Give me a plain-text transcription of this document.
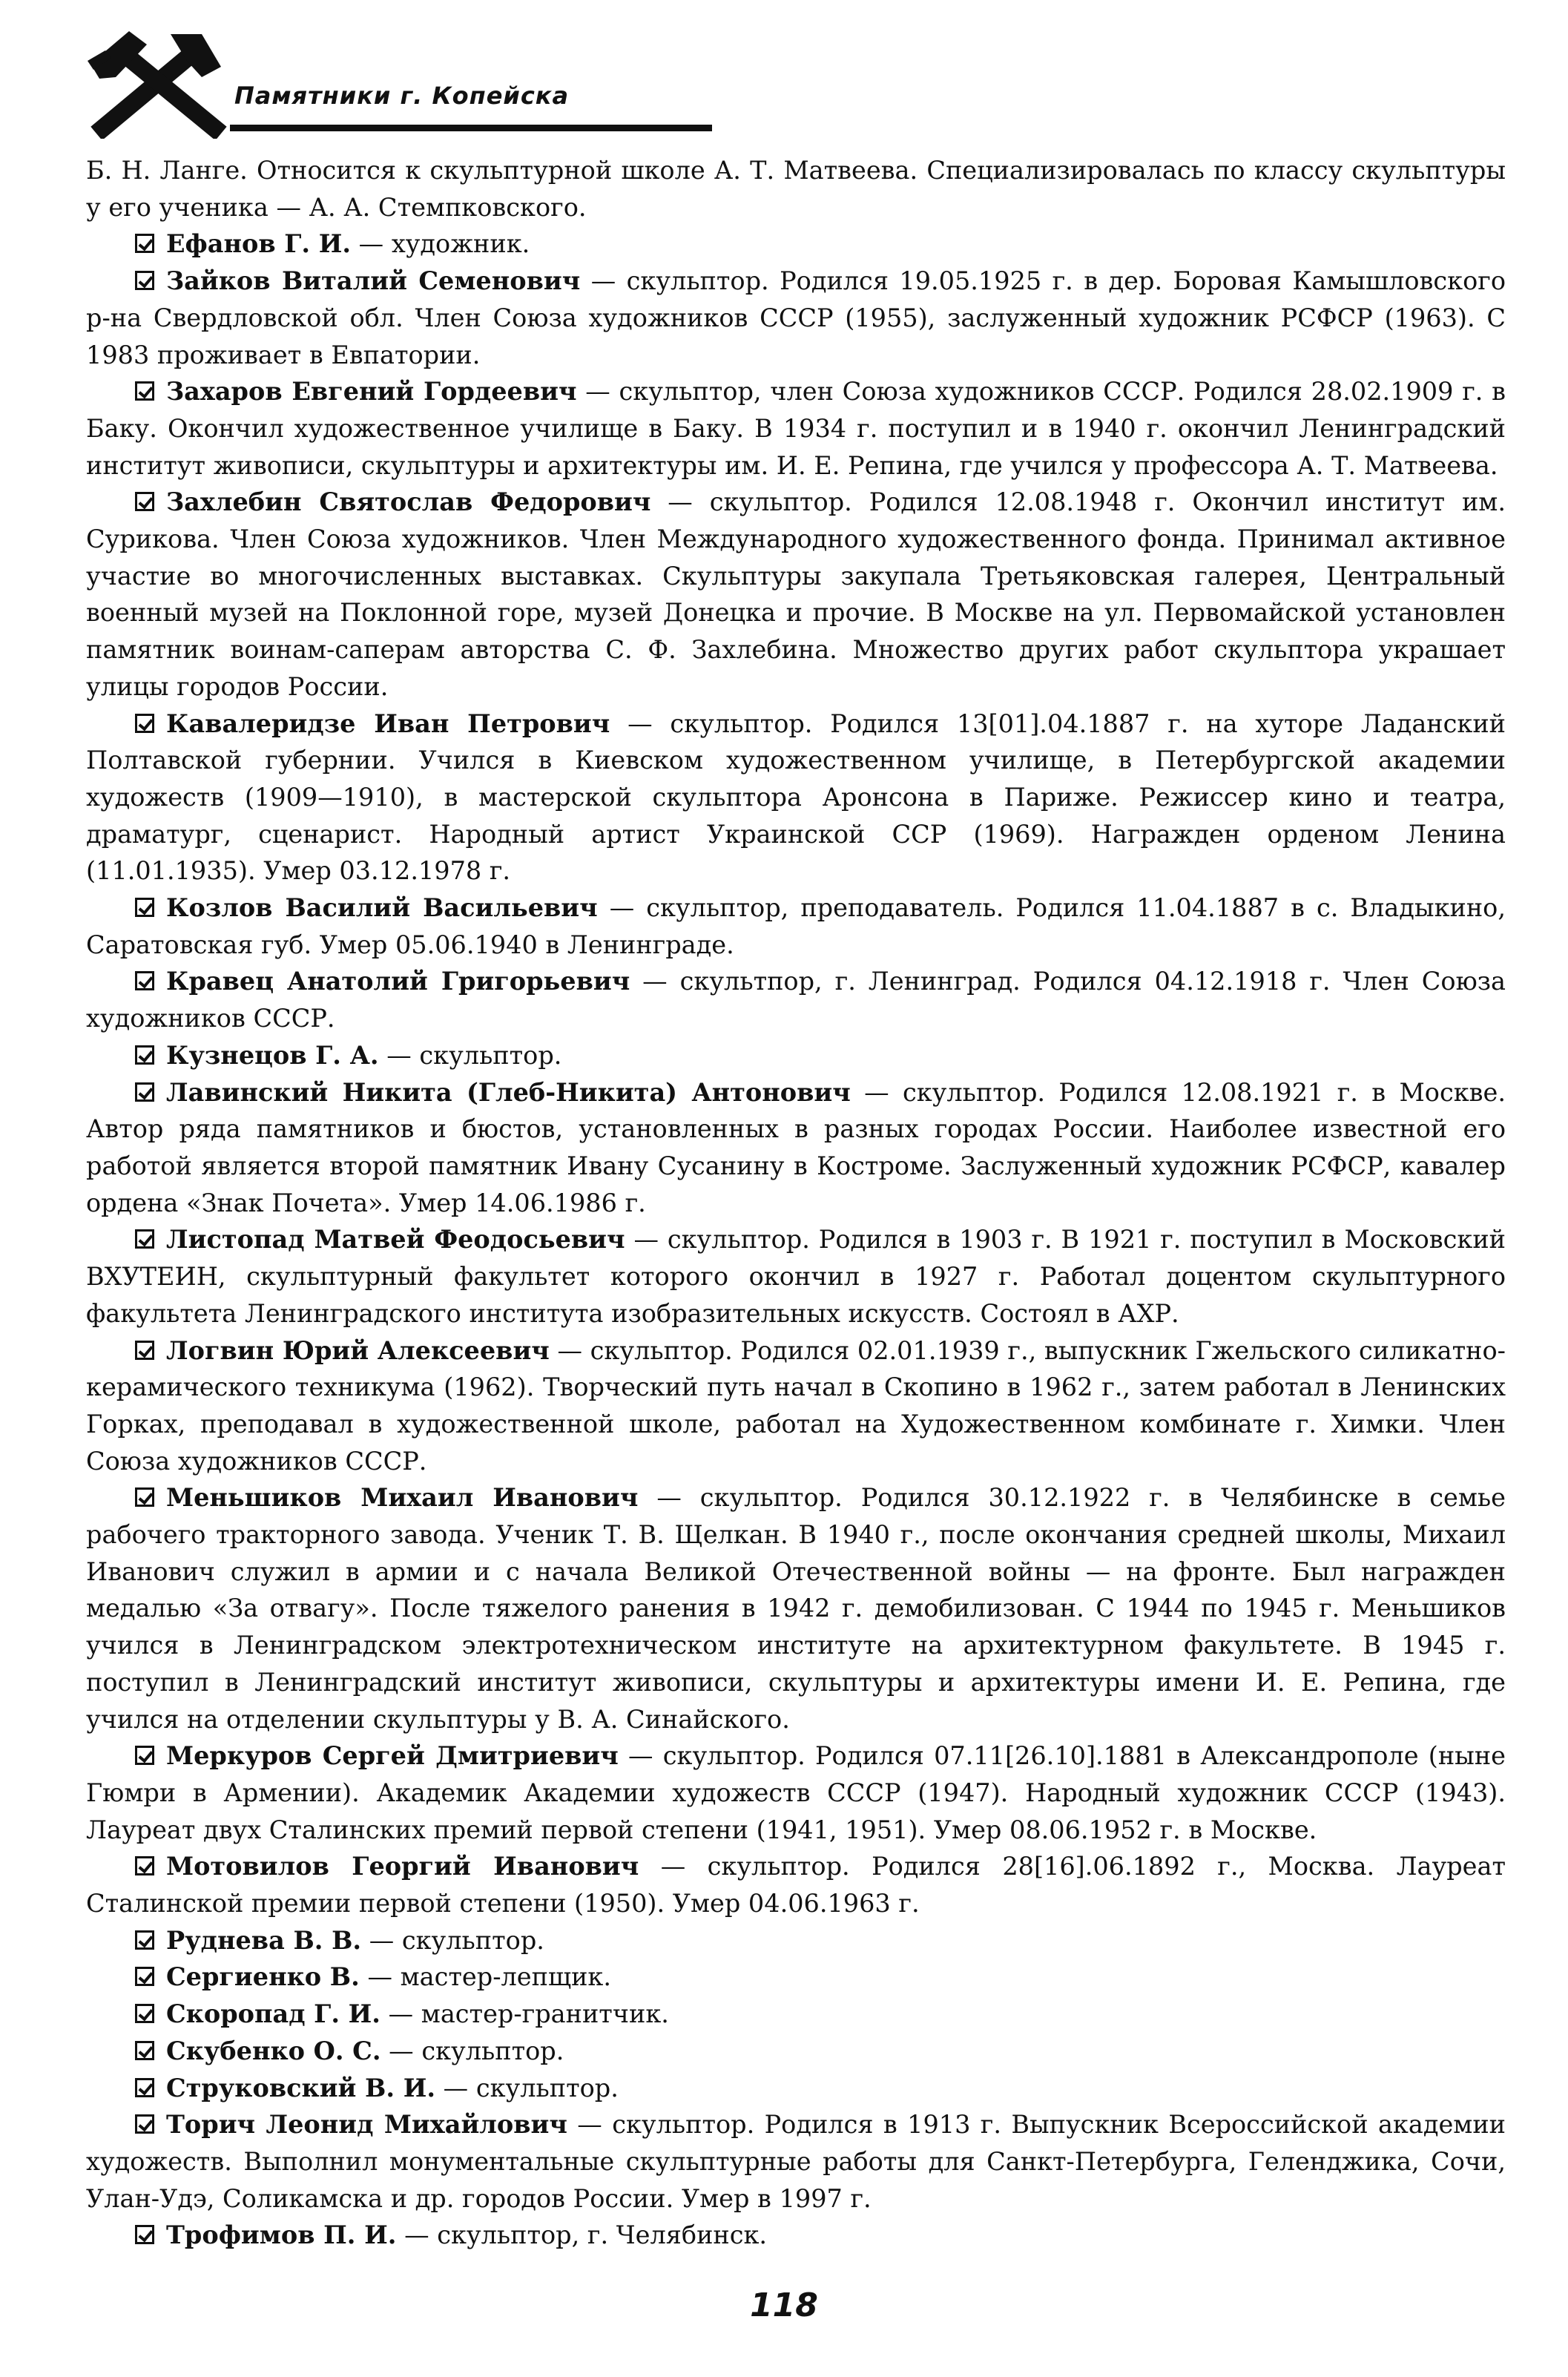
Памятники г. Копейска

Б. Н. Ланге. Относится к скульптурной школе А. Т. Матвеева. Специализировалась по классу скульптуры у его ученика — А. А. Стемпковского.

Ефанов Г. И. — художник.

Зайков Виталий Семенович — скульптор. Родился 19.05.1925 г. в дер. Боровая Камышловского р-на Свердловской обл. Член Союза художников СССР (1955), заслуженный художник РСФСР (1963). С 1983 проживает в Евпатории.

Захаров Евгений Гордеевич — скульптор, член Союза художников СССР. Родился 28.02.1909 г. в Баку. Окончил художественное училище в Баку. В 1934 г. поступил и в 1940 г. окончил Ленинградский институт живописи, скульптуры и архитектуры им. И. Е. Репина, где учился у профессора А. Т. Матвеева.

Захлебин Святослав Федорович — скульптор. Родился 12.08.1948 г. Окончил институт им. Сурикова. Член Союза художников. Член Международного художественного фонда. Принимал активное участие во многочисленных выставках. Скульптуры закупала Третьяковская галерея, Центральный военный музей на Поклонной горе, музей Донецка и прочие. В Москве на ул. Первомайской установлен памятник воинам-саперам авторства С. Ф. Захлебина. Множество других работ скульптора украшает улицы городов России.

Кавалеридзе Иван Петрович — скульптор. Родился 13[01].04.1887 г. на хуторе Ладанский Полтавской губернии. Учился в Киевском художественном училище, в Петербургской академии художеств (1909—1910), в мастерской скульптора Аронсона в Париже. Режиссер кино и театра, драматург, сценарист. Народный артист Украинской ССР (1969). Награжден орденом Ленина (11.01.1935). Умер 03.12.1978 г.

Козлов Василий Васильевич — скульптор, преподаватель. Родился 11.04.1887 в с. Владыкино, Саратовская губ. Умер 05.06.1940 в Ленинграде.

Кравец Анатолий Григорьевич — скультпор, г. Ленинград. Родился 04.12.1918 г. Член Союза художников СССР.

Кузнецов Г. А. — скульптор.

Лавинский Никита (Глеб-Никита) Антонович — скульптор. Родился 12.08.1921 г. в Москве. Автор ряда памятников и бюстов, установленных в разных городах России. Наиболее известной его работой является второй памятник Ивану Сусанину в Костроме. Заслуженный художник РСФСР, кавалер ордена «Знак Почета». Умер 14.06.1986 г.

Листопад Матвей Феодосьевич — скульптор. Родился в 1903 г. В 1921 г. поступил в Московский ВХУТЕИН, скульптурный факультет которого окончил в 1927 г. Работал доцентом скульптурного факультета Ленинградского института изобразительных искусств. Состоял в АХР.

Логвин Юрий Алексеевич — скульптор. Родился 02.01.1939 г., выпускник Гжельского силикатно-керамического техникума (1962). Творческий путь начал в Скопино в 1962 г., затем работал в Ленинских Горках, преподавал в художественной школе, работал на Художественном комбинате г. Химки. Член Союза художников СССР.

Меньшиков Михаил Иванович — скульптор. Родился 30.12.1922 г. в Челябинске в семье рабочего тракторного завода. Ученик Т. В. Щелкан. В 1940 г., после окончания средней школы, Михаил Иванович служил в армии и с начала Великой Отечественной войны — на фронте. Был награжден медалью «За отвагу». После тяжелого ранения в 1942 г. демобилизован. С 1944 по 1945 г. Меньшиков учился в Ленинградском электротехническом институте на архитектурном факультете. В 1945 г. поступил в Ленинградский институт живописи, скульптуры и архитектуры имени И. Е. Репина, где учился на отделении скульптуры у В. А. Синайского.

Меркуров Сергей Дмитриевич — скульптор. Родился 07.11[26.10].1881 в Александрополе (ныне Гюмри в Армении). Академик Академии художеств СССР (1947). Народный художник СССР (1943). Лауреат двух Сталинских премий первой степени (1941, 1951). Умер 08.06.1952 г. в Москве.

Мотовилов Георгий Иванович — скульптор. Родился 28[16].06.1892 г., Москва. Лауреат Сталинской премии первой степени (1950). Умер 04.06.1963 г.

Руднева В. В. — скульптор.

Сергиенко В. — мастер-лепщик.

Скоропад Г. И. — мастер-гранитчик.

Скубенко О. С. — скульптор.

Струковский В. И. — скульптор.

Торич Леонид Михайлович — скульптор. Родился в 1913 г. Выпускник Всероссийской академии художеств. Выполнил монументальные скульптурные работы для Санкт-Петербурга, Геленджика, Сочи, Улан-Удэ, Соликамска и др. городов России. Умер в 1997 г.

Трофимов П. И. — скульптор, г. Челябинск.

118
